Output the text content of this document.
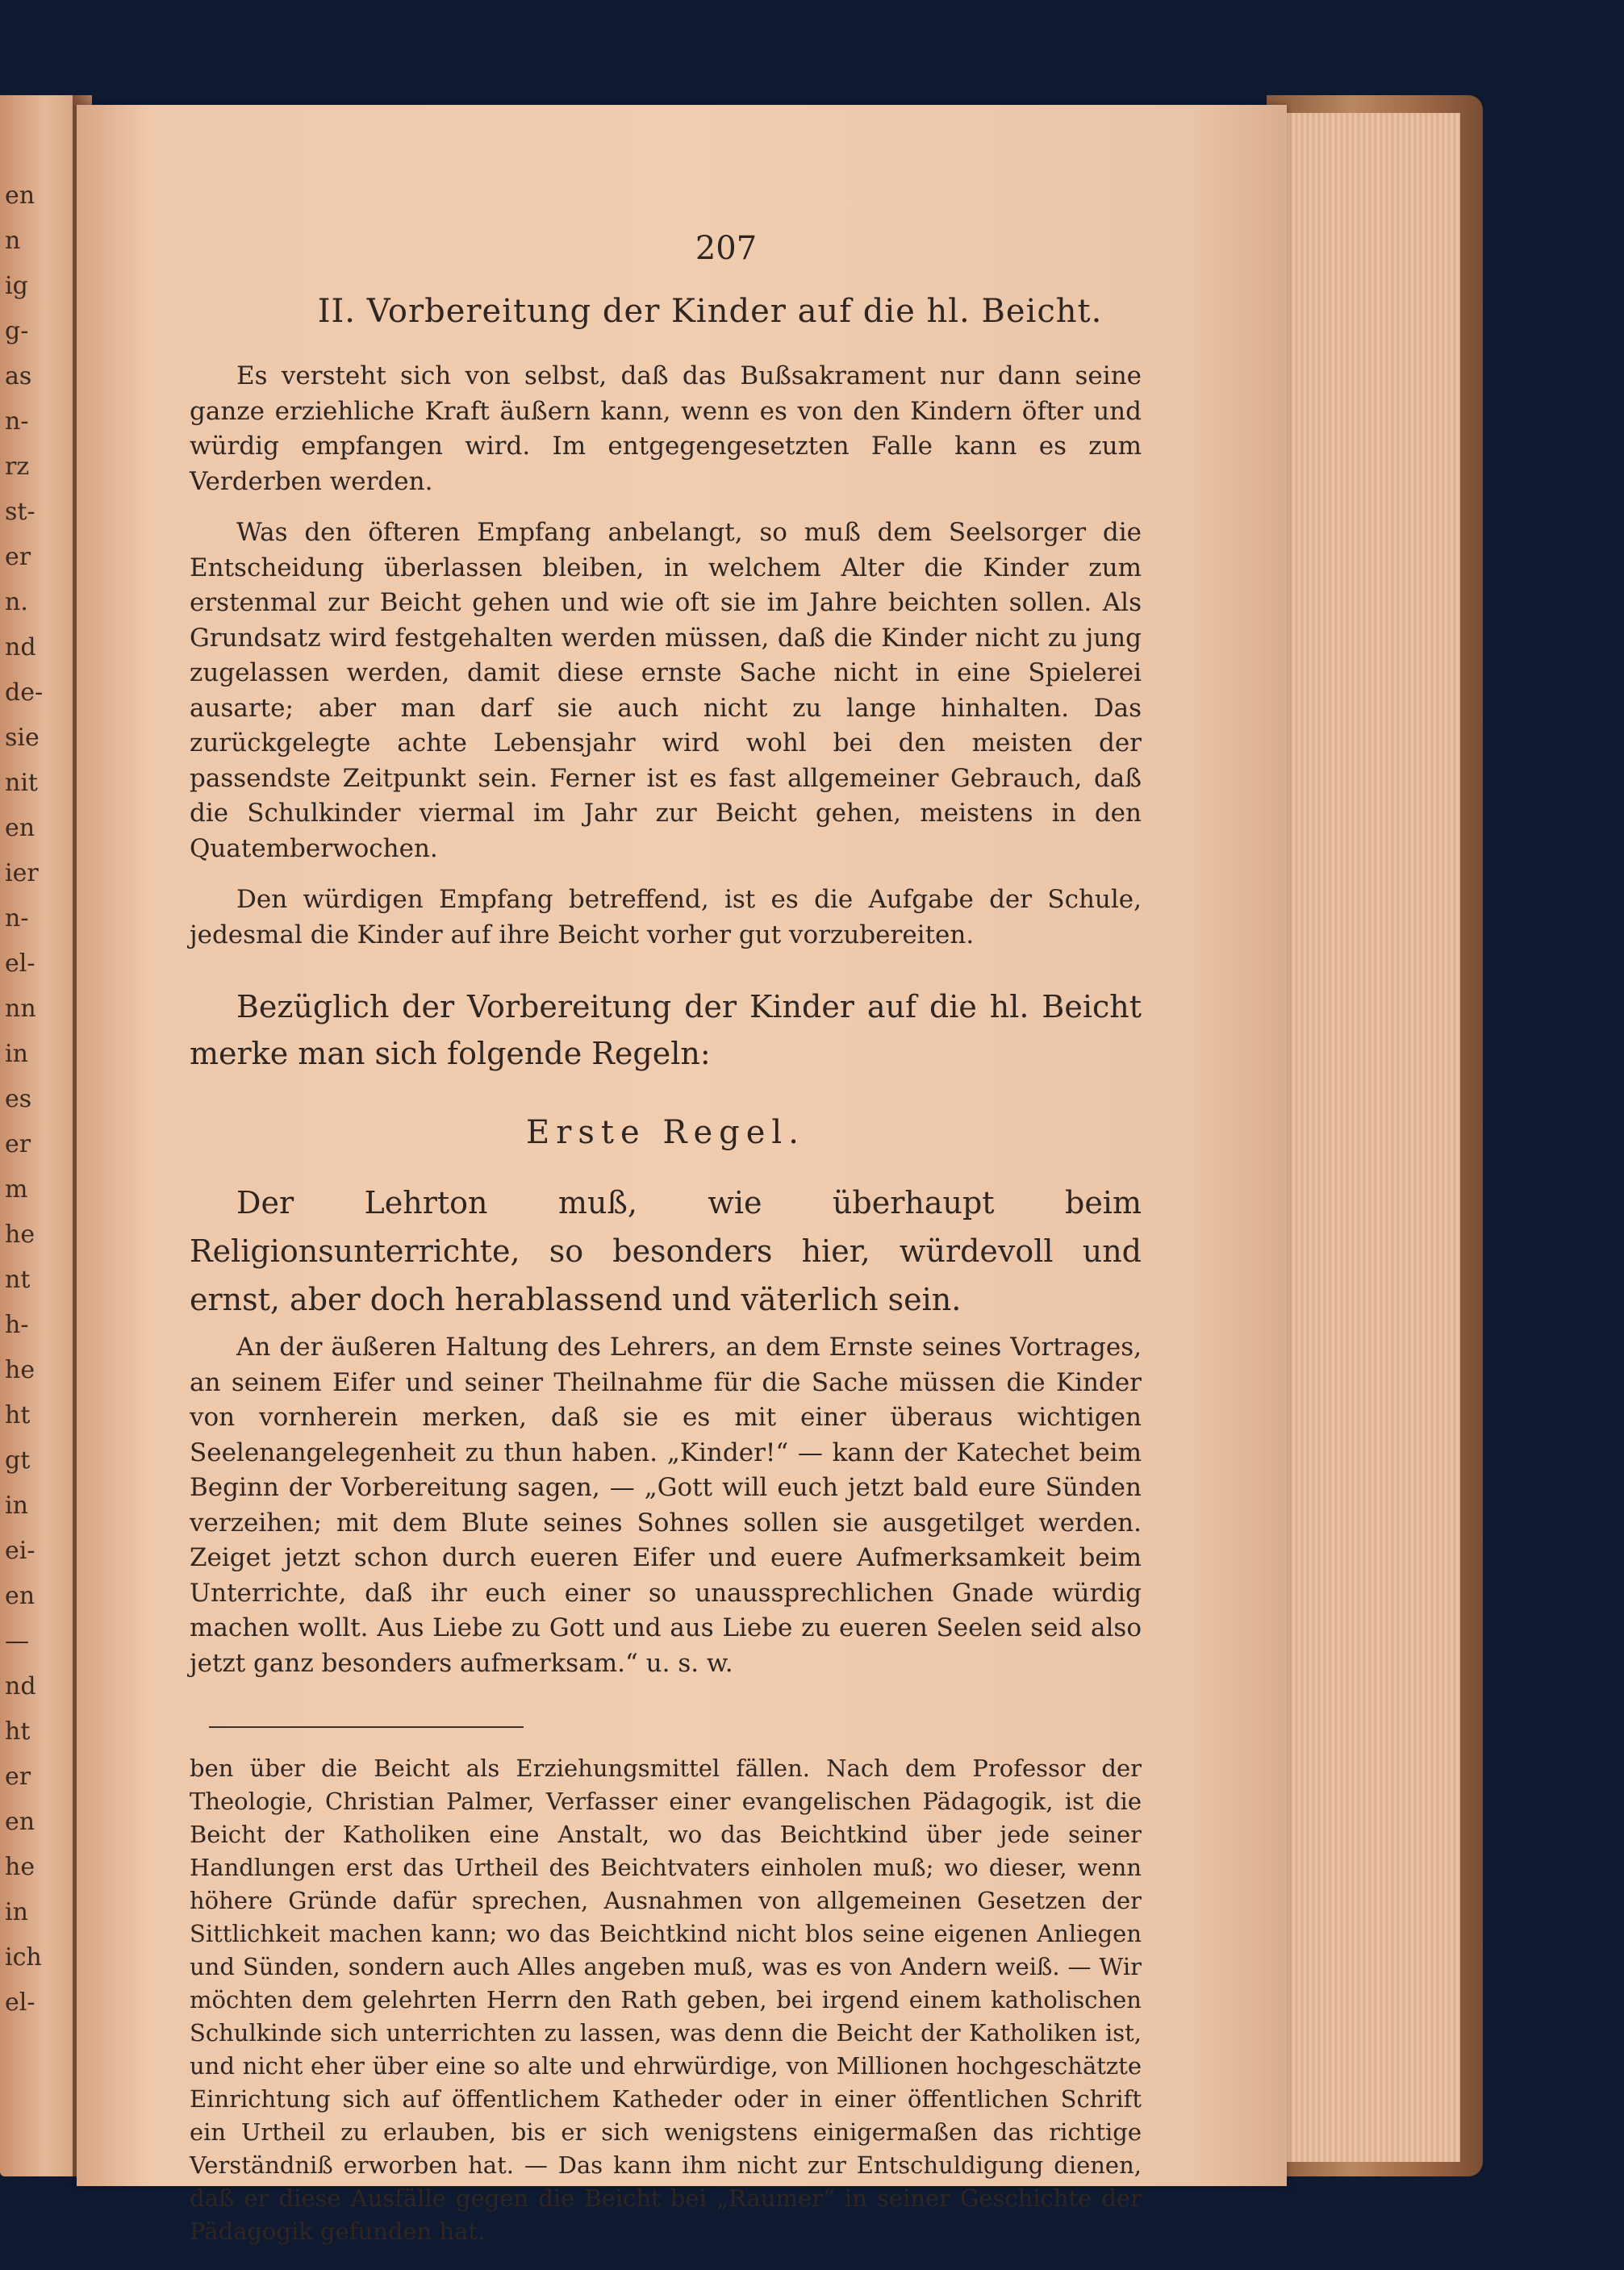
en
n
ig
g-
as
n-
rz
st-
er
n.
nd
de-
sie
nit
en
ier
n-
el-
nn
in
es
er
m
he
nt
h-
he
ht
gt
in
ei-
en
—
nd
ht
er
en
he
in
ich
el-
207
II. Vorbereitung der Kinder auf die hl. Beicht.

Es versteht sich von selbst, daß das Bußsakrament nur dann seine ganze erziehliche Kraft äußern kann, wenn es von den Kindern öfter und würdig empfangen wird. Im entgegengesetzten Falle kann es zum Verderben werden.

Was den öfteren Empfang anbelangt, so muß dem Seelsorger die Entscheidung überlassen bleiben, in welchem Alter die Kinder zum erstenmal zur Beicht gehen und wie oft sie im Jahre beichten sollen. Als Grundsatz wird festgehalten werden müssen, daß die Kinder nicht zu jung zugelassen werden, damit diese ernste Sache nicht in eine Spielerei ausarte; aber man darf sie auch nicht zu lange hinhalten. Das zurückgelegte achte Lebensjahr wird wohl bei den meisten der passendste Zeitpunkt sein. Ferner ist es fast allgemeiner Gebrauch, daß die Schulkinder viermal im Jahr zur Beicht gehen, meistens in den Quatemberwochen.

Den würdigen Empfang betreffend, ist es die Aufgabe der Schule, jedesmal die Kinder auf ihre Beicht vorher gut vorzubereiten.

Bezüglich der Vorbereitung der Kinder auf die hl. Beicht merke man sich folgende Regeln:

Erste Regel.

Der Lehrton muß, wie überhaupt beim Religionsunterrichte, so besonders hier, würdevoll und ernst, aber doch herablassend und väterlich sein.

An der äußeren Haltung des Lehrers, an dem Ernste seines Vortrages, an seinem Eifer und seiner Theilnahme für die Sache müssen die Kinder von vornherein merken, daß sie es mit einer überaus wichtigen Seelenangelegenheit zu thun haben. „Kinder!“ — kann der Katechet beim Beginn der Vorbereitung sagen, — „Gott will euch jetzt bald eure Sünden verzeihen; mit dem Blute seines Sohnes sollen sie ausgetilget werden. Zeiget jetzt schon durch eueren Eifer und euere Aufmerksamkeit beim Unterrichte, daß ihr euch einer so unaussprechlichen Gnade würdig machen wollt. Aus Liebe zu Gott und aus Liebe zu eueren Seelen seid also jetzt ganz besonders aufmerksam.“ u. s. w.

ben über die Beicht als Erziehungsmittel fällen. Nach dem Professor der Theologie, Christian Palmer, Verfasser einer evangelischen Pädagogik, ist die Beicht der Katholiken eine Anstalt, wo das Beichtkind über jede seiner Handlungen erst das Urtheil des Beichtvaters einholen muß; wo dieser, wenn höhere Gründe dafür sprechen, Ausnahmen von allgemeinen Gesetzen der Sittlichkeit machen kann; wo das Beichtkind nicht blos seine eigenen Anliegen und Sünden, sondern auch Alles angeben muß, was es von Andern weiß. — Wir möchten dem gelehrten Herrn den Rath geben, bei irgend einem katholischen Schulkinde sich unterrichten zu lassen, was denn die Beicht der Katholiken ist, und nicht eher über eine so alte und ehrwürdige, von Millionen hochgeschätzte Einrichtung sich auf öffentlichem Katheder oder in einer öffentlichen Schrift ein Urtheil zu erlauben, bis er sich wenigstens einigermaßen das richtige Verständniß erworben hat. — Das kann ihm nicht zur Entschuldigung dienen, daß er diese Ausfälle gegen die Beicht bei „Raumer“ in seiner Geschichte der Pädagogik gefunden hat.
